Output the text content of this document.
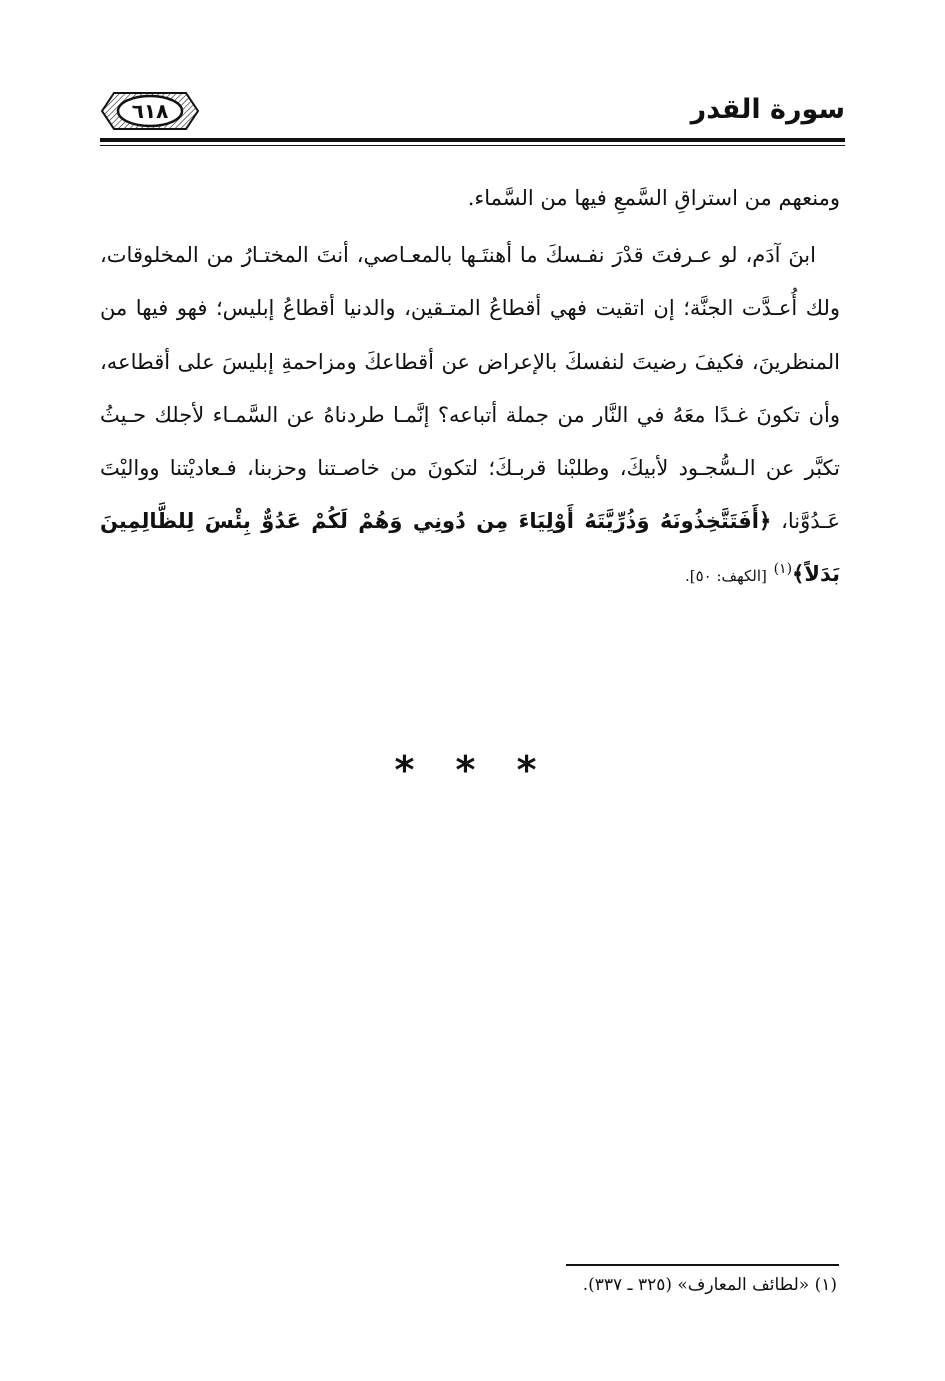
٦١٨	سورة القدر

ومنعهم من استراقِ السَّمعِ فيها من السَّماء.

ابنَ آدَم، لو عـرفتَ قدْرَ نفـسكَ ما أهنتَـها بالمعـاصي، أنتَ المختـارُ من المخلوقات، ولك أُعـدَّت الجنَّة؛ إن اتقيت فهي أقطاعُ المتـقين، والدنيا أقطاعُ إبليس؛ فهو فيها من المنظرينَ، فكيفَ رضيتَ لنفسكَ بالإعراض عن أقطاعكَ ومزاحمةِ إبليسَ على أقطاعه، وأن تكونَ غـدًا معَهُ في النَّار من جملة أتباعه؟ إنَّمـا طردناهُ عن السَّمـاء لأجلك حـيثُ تكبَّر عن الـسُّجـود لأبيكَ، وطلبْنا قربـكَ؛ لتكونَ من خاصـتنا وحزبنا، فـعاديْتنا وواليْتَ عَـدُوَّنا، ﴿أَفَتَتَّخِذُونَهُ وَذُرِّيَّتَهُ أَوْلِيَاءَ مِن دُونِي وَهُمْ لَكُمْ عَدُوٌّ بِئْسَ لِلظَّالِمِينَ بَدَلاً﴾$^{(١)}$ [الكهف: ٥٠].

* * *
(١) «لطائف المعارف» (٣٢٥ ـ ٣٣٧).
